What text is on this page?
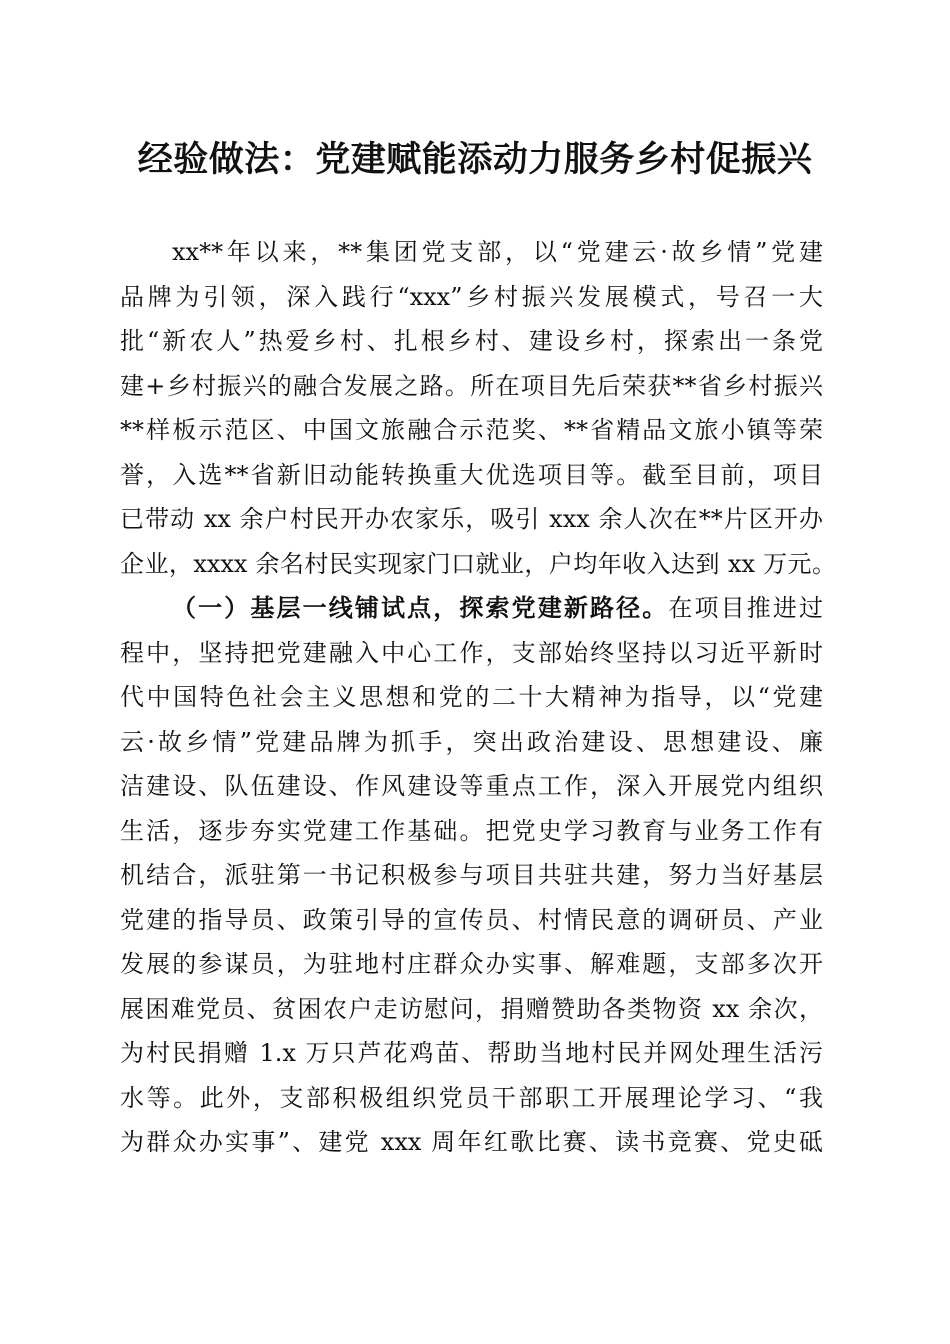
经验做法：党建赋能添动力服务乡村促振兴
xx**年以来，**集团党支部，以“党建云·故乡情”党建
品牌为引领，深入践行“xxx”乡村振兴发展模式，号召一大
批“新农人”热爱乡村、扎根乡村、建设乡村，探索出一条党
建+乡村振兴的融合发展之路。所在项目先后荣获**省乡村振兴
**样板示范区、中国文旅融合示范奖、**省精品文旅小镇等荣
誉，入选**省新旧动能转换重大优选项目等。截至目前，项目
已带动 xx 余户村民开办农家乐，吸引 xxx 余人次在**片区开办
企业，xxxx 余名村民实现家门口就业，户均年收入达到 xx 万元。
（一）基层一线铺试点，探索党建新路径。在项目推进过
程中，坚持把党建融入中心工作，支部始终坚持以习近平新时
代中国特色社会主义思想和党的二十大精神为指导，以“党建
云·故乡情”党建品牌为抓手，突出政治建设、思想建设、廉
洁建设、队伍建设、作风建设等重点工作，深入开展党内组织
生活，逐步夯实党建工作基础。把党史学习教育与业务工作有
机结合，派驻第一书记积极参与项目共驻共建，努力当好基层
党建的指导员、政策引导的宣传员、村情民意的调研员、产业
发展的参谋员，为驻地村庄群众办实事、解难题，支部多次开
展困难党员、贫困农户走访慰问，捐赠赞助各类物资 xx 余次，
为村民捐赠 1.x 万只芦花鸡苗、帮助当地村民并网处理生活污
水等。此外，支部积极组织党员干部职工开展理论学习、“我
为群众办实事”、建党 xxx 周年红歌比赛、读书竞赛、党史砥
